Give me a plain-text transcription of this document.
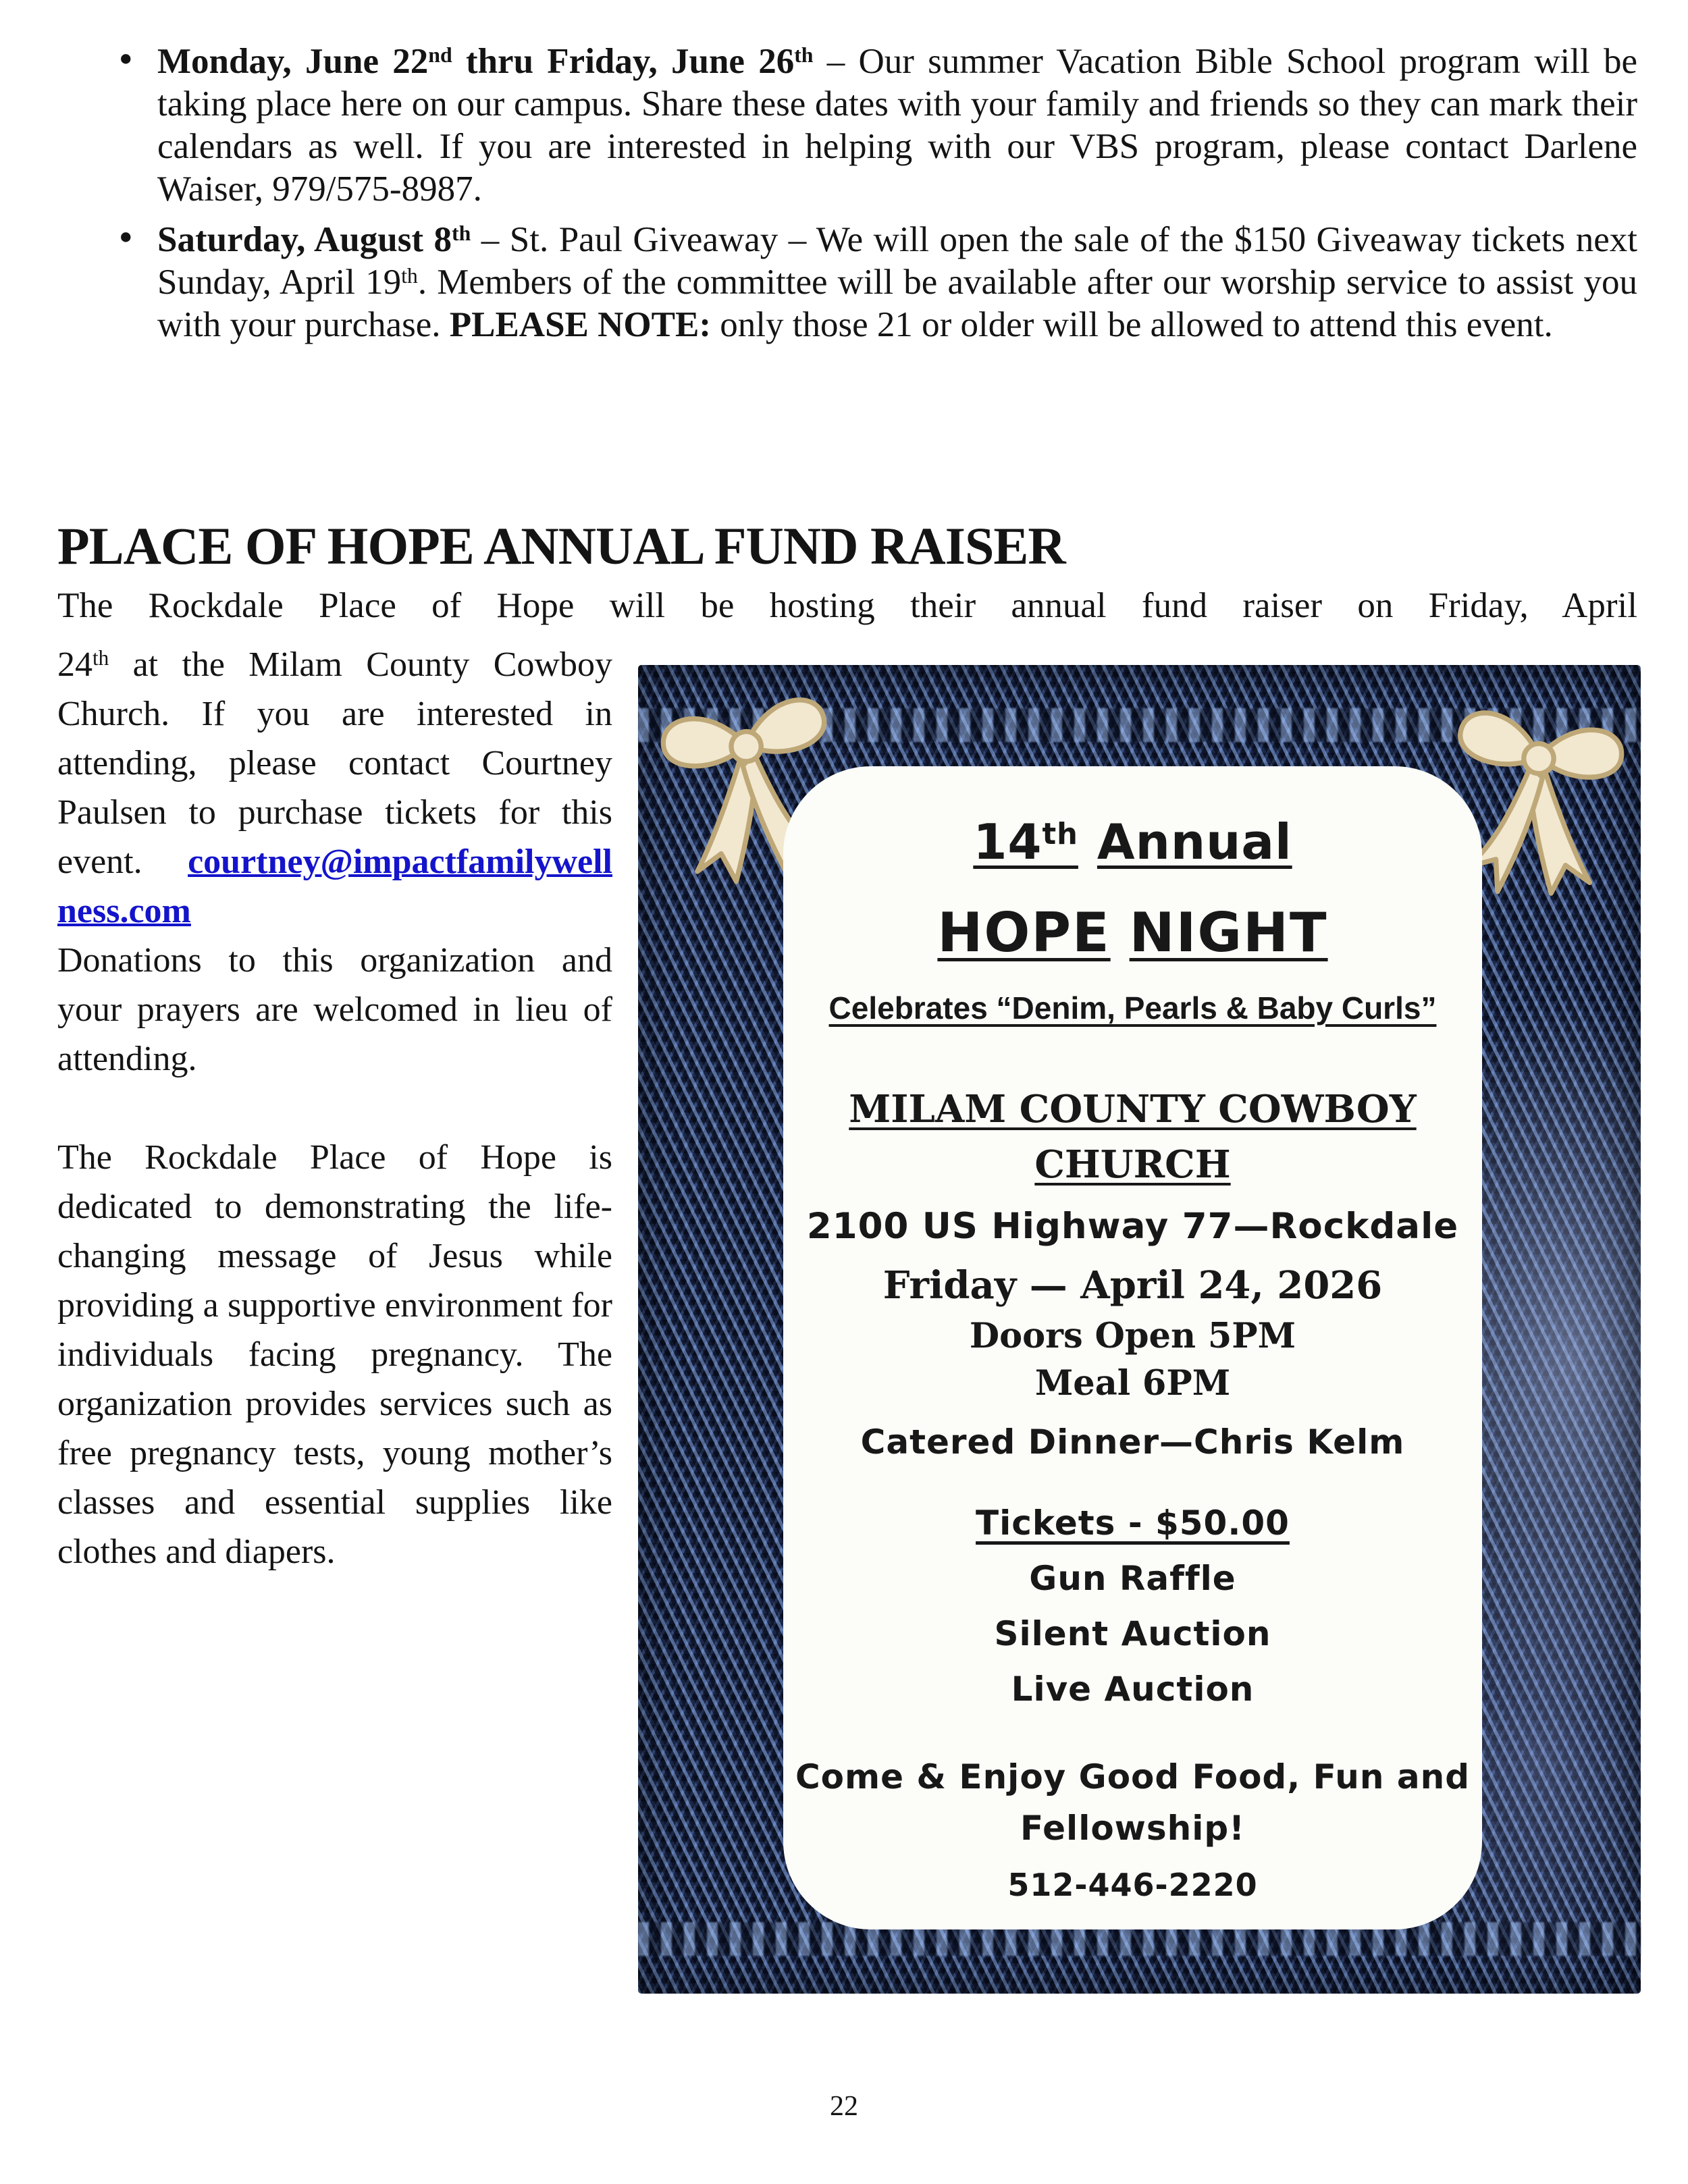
• Monday, June 22nd thru Friday, June 26th – Our summer Vacation Bible School program will be taking place here on our campus. Share these dates with your family and friends so they can mark their calendars as well. If you are interested in helping with our VBS program, please contact Darlene Waiser, 979/575-8987.

• Saturday, August 8th – St. Paul Giveaway – We will open the sale of the $150 Giveaway tickets next Sunday, April 19th. Members of the committee will be available after our worship service to assist you with your purchase. PLEASE NOTE: only those 21 or older will be allowed to attend this event.

PLACE OF HOPE ANNUAL FUND RAISER

The Rockdale Place of Hope will be hosting their annual fund raiser on Friday, April

24th at the Milam County Cowboy Church. If you are interested in attending, please contact Courtney Paulsen to purchase tickets for this event. courtney@impactfamilywellness.com

Donations to this organization and your prayers are welcomed in lieu of attending.

The Rockdale Place of Hope is dedicated to demonstrating the life-changing message of Jesus while providing a supportive environment for individuals facing pregnancy. The organization provides services such as free pregnancy tests, young mother’s classes and essential supplies like clothes and diapers.

14th Annual
HOPE NIGHT
Celebrates “Denim, Pearls & Baby Curls”
MILAM COUNTY COWBOY
CHURCH
2100 US Highway 77—Rockdale
Friday — April 24, 2026
Doors Open 5PM
Meal 6PM
Catered Dinner—Chris Kelm
Tickets - $50.00
Gun Raffle
Silent Auction
Live Auction
Come & Enjoy Good Food, Fun and
Fellowship!
512-446-2220
22
